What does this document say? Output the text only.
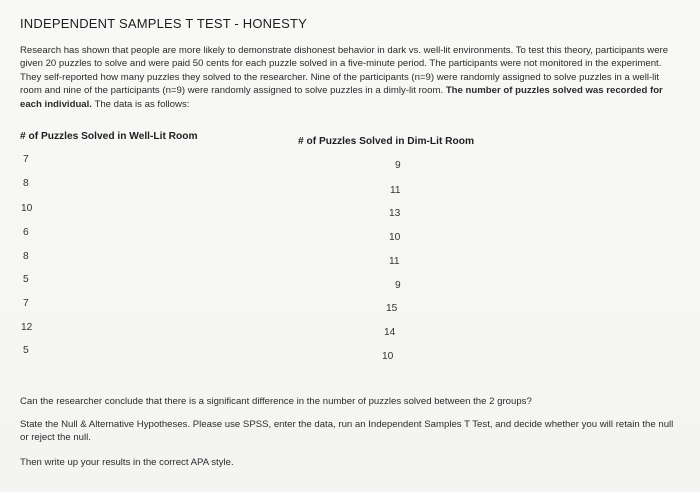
INDEPENDENT SAMPLES T TEST - HONESTY
Research has shown that people are more likely to demonstrate dishonest behavior in dark vs. well-lit environments. To test this theory, participants were given 20 puzzles to solve and were paid 50 cents for each puzzle solved in a five-minute period. The participants were not monitored in the experiment. They self-reported how many puzzles they solved to the researcher. Nine of the participants (n=9) were randomly assigned to solve puzzles in a well-lit room and nine of the participants (n=9) were randomly assigned to solve puzzles in a dimly-lit room. The number of puzzles solved was recorded for each individual. The data is as follows:
# of Puzzles Solved in Well-Lit Room	# of Puzzles Solved in Dim-Lit Room
7
8
10
6
8
5
7
12
5
9
11
13
10
11
9
15
14
10
Can the researcher conclude that there is a significant difference in the number of puzzles solved between the 2 groups?
State the Null & Alternative Hypotheses. Please use SPSS, enter the data, run an Independent Samples T Test, and decide whether you will retain the null or reject the null.
Then write up your results in the correct APA style.
